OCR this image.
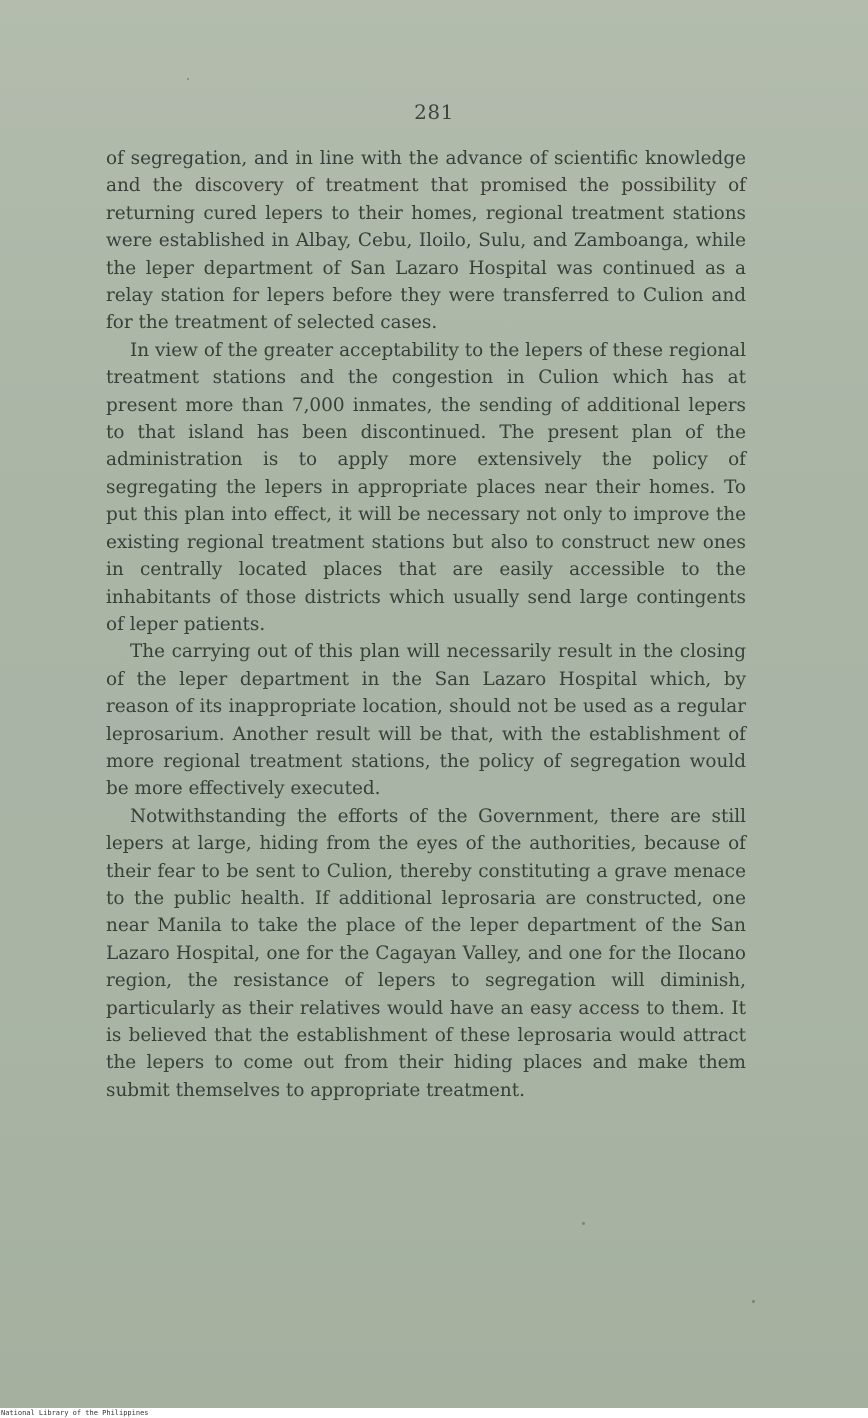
281

of segregation, and in line with the advance of scientific knowledge and the discovery of treatment that promised the possibility of returning cured lepers to their homes, regional treatment stations were established in Albay, Cebu, Iloilo, Sulu, and Zamboanga, while the leper department of San Lazaro Hospital was continued as a relay station for lepers before they were transferred to Culion and for the treatment of selected cases.

In view of the greater acceptability to the lepers of these regional treatment stations and the congestion in Culion which has at present more than 7,000 inmates, the sending of additional lepers to that island has been discontinued. The present plan of the administration is to apply more extensively the policy of segregating the lepers in appropriate places near their homes. To put this plan into effect, it will be necessary not only to improve the existing regional treatment stations but also to construct new ones in centrally located places that are easily accessible to the inhabitants of those districts which usually send large contingents of leper patients.

The carrying out of this plan will necessarily result in the closing of the leper department in the San Lazaro Hospital which, by reason of its inappropriate location, should not be used as a regular leprosarium. Another result will be that, with the establishment of more regional treatment stations, the policy of segregation would be more effectively executed.

Notwithstanding the efforts of the Government, there are still lepers at large, hiding from the eyes of the authorities, because of their fear to be sent to Culion, thereby constituting a grave menace to the public health. If additional leprosaria are constructed, one near Manila to take the place of the leper department of the San Lazaro Hospital, one for the Cagayan Valley, and one for the Ilocano region, the resistance of lepers to segregation will diminish, particularly as their relatives would have an easy access to them. It is believed that the establishment of these leprosaria would attract the lepers to come out from their hiding places and make them submit themselves to appropriate treatment.

National Library of the Philippines
